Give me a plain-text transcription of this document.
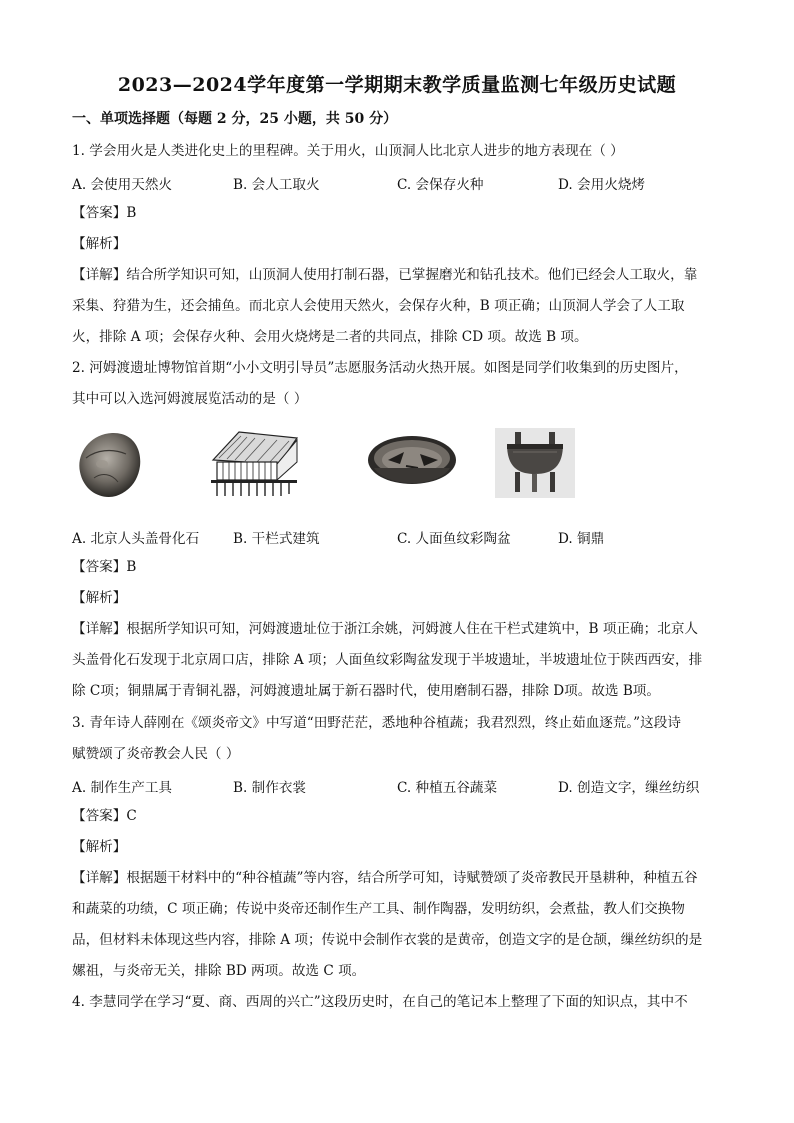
2023—2024学年度第一学期期末教学质量监测七年级历史试题
一、单项选择题（每题 2 分，25 小题，共 50 分）
1. 学会用火是人类进化史上的里程碑。关于用火，山顶洞人比北京人进步的地方表现在（ ）
A. 会使用天然火	B. 会人工取火	C. 会保存火种	D. 会用火烧烤
【答案】B
【解析】
【详解】结合所学知识可知，山顶洞人使用打制石器，已掌握磨光和钻孔技术。他们已经会人工取火，靠
采集、狩猎为生，还会捕鱼。而北京人会使用天然火，会保存火种，B 项正确；山顶洞人学会了人工取
火，排除 A 项；会保存火种、会用火烧烤是二者的共同点，排除 CD 项。故选 B 项。
2. 河姆渡遗址博物馆首期“小小文明引导员”志愿服务活动火热开展。如图是同学们收集到的历史图片，
其中可以入选河姆渡展览活动的是（ ）
A. 北京人头盖骨化石 B. 干栏式建筑	C. 人面鱼纹彩陶盆	D. 铜鼎
【答案】B
【解析】
【详解】根据所学知识可知，河姆渡遗址位于浙江余姚，河姆渡人住在干栏式建筑中，B 项正确；北京人
头盖骨化石发现于北京周口店，排除 A 项；人面鱼纹彩陶盆发现于半坡遗址，半坡遗址位于陕西西安，排
除 C项；铜鼎属于青铜礼器，河姆渡遗址属于新石器时代，使用磨制石器，排除 D项。故选 B项。
3. 青年诗人薛刚在《颂炎帝文》中写道“田野茫茫，悉地种谷植蔬；我君烈烈，终止茹血逐荒。”这段诗
赋赞颂了炎帝教会人民（ ）
A. 制作生产工具	B. 制作衣裳	C. 种植五谷蔬菜	D. 创造文字，缫丝纺织
【答案】C
【解析】
【详解】根据题干材料中的“种谷植蔬”等内容，结合所学可知，诗赋赞颂了炎帝教民开垦耕种，种植五谷
和蔬菜的功绩，C 项正确；传说中炎帝还制作生产工具、制作陶器，发明纺织，会煮盐，教人们交换物
品，但材料未体现这些内容，排除 A 项；传说中会制作衣裳的是黄帝，创造文字的是仓颉，缫丝纺织的是
嫘祖，与炎帝无关，排除 BD 两项。故选 C 项。
4. 李慧同学在学习“夏、商、西周的兴亡”这段历史时，在自己的笔记本上整理了下面的知识点，其中不
